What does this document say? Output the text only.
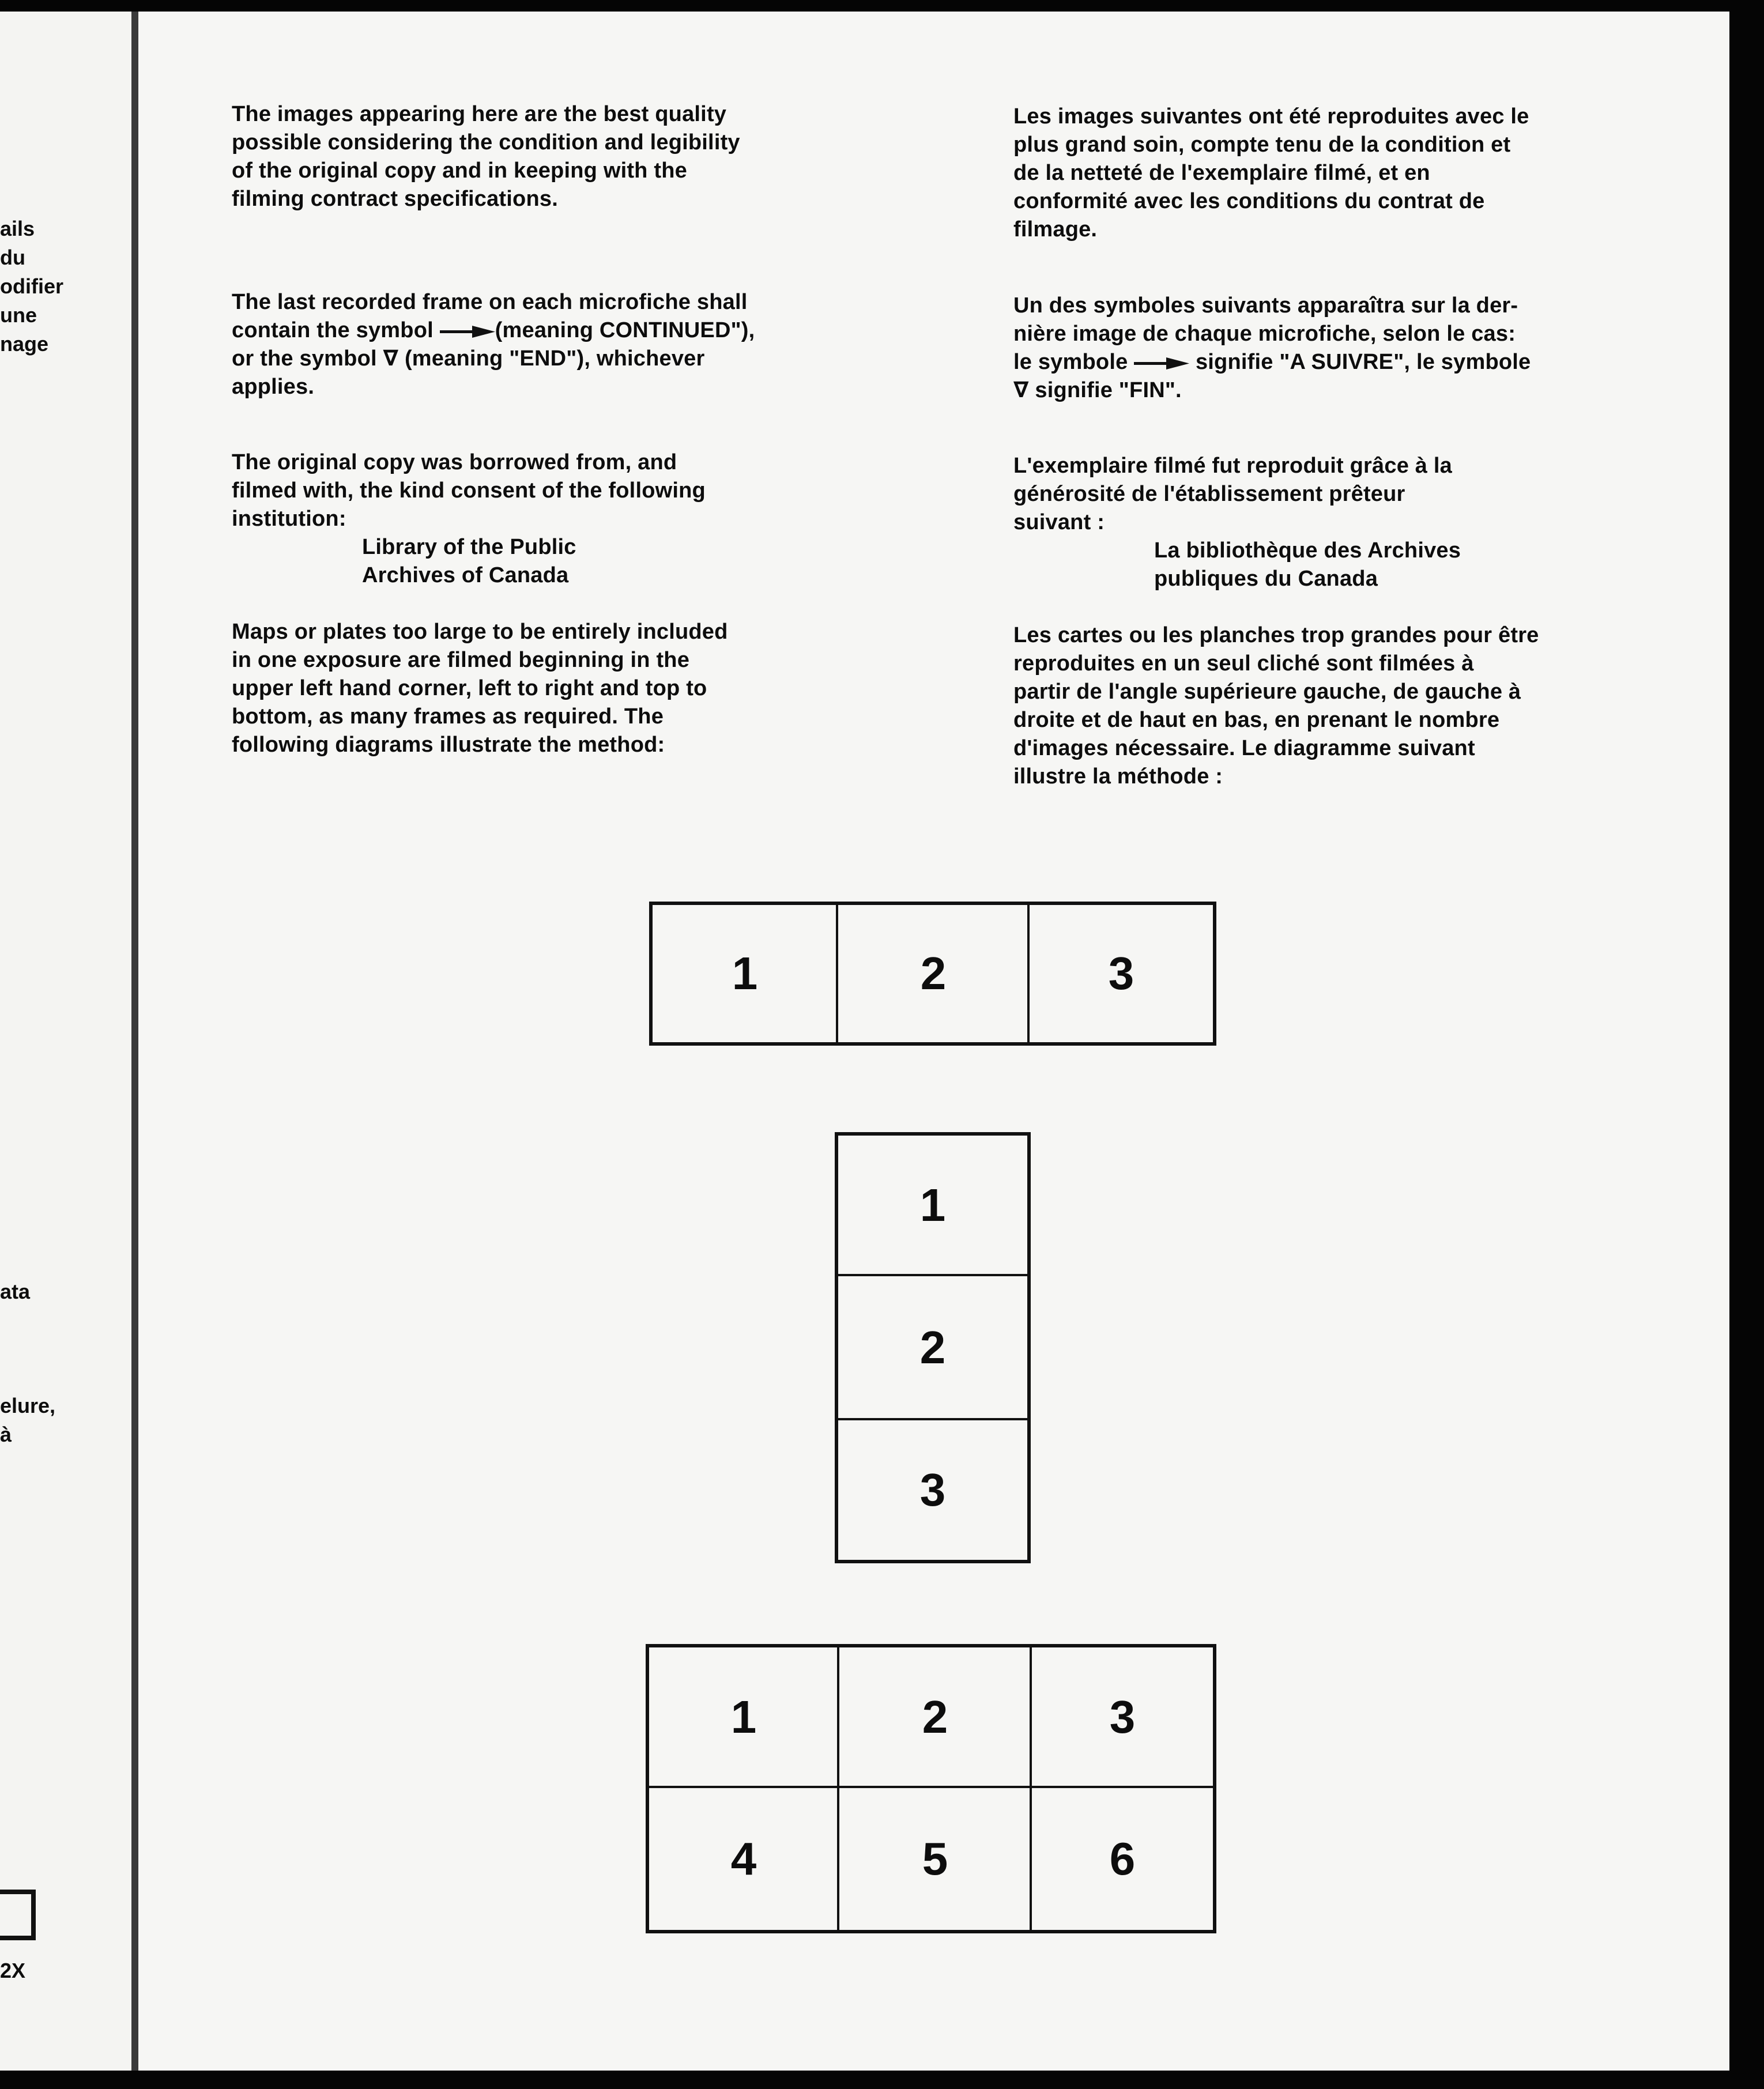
ails
du
odifier
une
nage
ata
elure,
à
2X
The images appearing here are the best quality
possible considering the condition and legibility
of the original copy and in keeping with the
filming contract specifications.
The last recorded frame on each microfiche shall
contain the symbol	(meaning CONTINUED"),
or the symbol ∇ (meaning "END"), whichever
applies.
The original copy was borrowed from, and
filmed with, the kind consent of the following
institution:
Library of the Public
Archives of Canada
Maps or plates too large to be entirely included
in one exposure are filmed beginning in the
upper left hand corner, left to right and top to
bottom, as many frames as required. The
following diagrams illustrate the method:
Les images suivantes ont été reproduites avec le
plus grand soin, compte tenu de la condition et
de la netteté de l'exemplaire filmé, et en
conformité avec les conditions du contrat de
filmage.
Un des symboles suivants apparaîtra sur la der-
nière image de chaque microfiche, selon le cas:
le symbole	signifie "A SUIVRE", le symbole
∇ signifie "FIN".
L'exemplaire filmé fut reproduit grâce à la
générosité de l'établissement prêteur
suivant :
La bibliothèque des Archives
publiques du Canada
Les cartes ou les planches trop grandes pour être
reproduites en un seul cliché sont filmées à
partir de l'angle supérieure gauche, de gauche à
droite et de haut en bas, en prenant le nombre
d'images nécessaire. Le diagramme suivant
illustre la méthode :
1	2	3
1
2
3
1	2	3
4	5	6
